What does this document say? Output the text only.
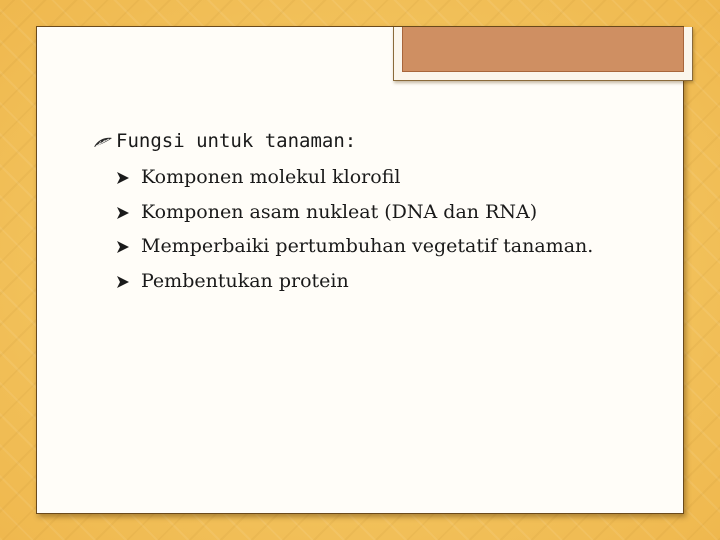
Fungsi untuk tanaman:
Komponen molekul klorofil
Komponen asam nukleat (DNA dan RNA)
Memperbaiki pertumbuhan vegetatif tanaman.
Pembentukan protein
